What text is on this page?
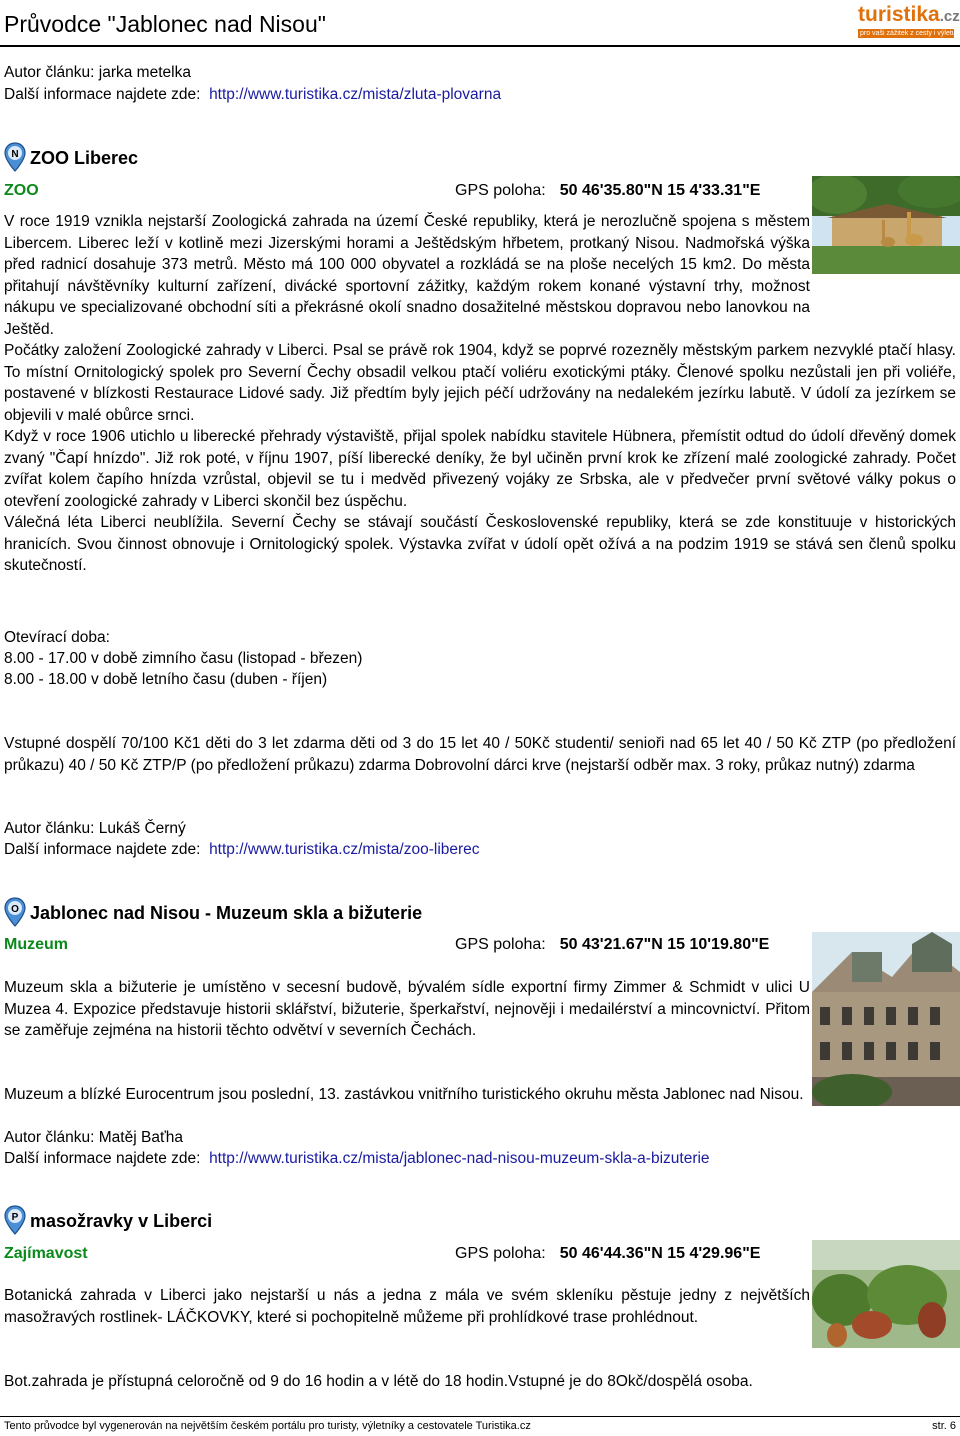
Průvodce "Jablonec nad Nisou"	turistika.cz
pro vaši zážitek z cesty i výletu
Autor článku: jarka metelka
Další informace najdete zde: http://www.turistika.cz/mista/zluta-plovarna
N ZOO Liberec
ZOO	GPS poloha: 50 46'35.80"N 15 4'33.31"E

V roce 1919 vznikla nejstarší Zoologická zahrada na území České republiky, která je nerozlučně spojena s městem Libercem. Liberec leží v kotlině mezi Jizerskými horami a Ještědským hřbetem, protkaný Nisou. Nadmořská výška před radnicí dosahuje 373 metrů. Město má 100 000 obyvatel a rozkládá se na ploše necelých 15 km2. Do města přitahují návštěvníky kulturní zařízení, divácké sportovní zážitky, každým rokem konané výstavní trhy, možnost nákupu ve specializované obchodní síti a překrásné okolí snadno dosažitelné městskou dopravou nebo lanovkou na Ještěd.

Počátky založení Zoologické zahrady v Liberci. Psal se právě rok 1904, když se poprvé rozezněly městským parkem nezvyklé ptačí hlasy. To místní Ornitologický spolek pro Severní Čechy obsadil velkou ptačí voliéru exotickými ptáky. Členové spolku nezůstali jen při voliéře, postavené v blízkosti Restaurace Lidové sady. Již předtím byly jejich péčí udržovány na nedalekém jezírku labutě. V údolí za jezírkem se objevili v malé obůrce srnci.

Když v roce 1906 utichlo u liberecké přehrady výstaviště, přijal spolek nabídku stavitele Hübnera, přemístit odtud do údolí dřevěný domek zvaný "Čapí hnízdo". Již rok poté, v říjnu 1907, píší liberecké deníky, že byl učiněn první krok ke zřízení malé zoologické zahrady. Počet zvířat kolem čapího hnízda vzrůstal, objevil se tu i medvěd přivezený vojáky ze Srbska, ale v předvečer první světové války pokus o otevření zoologické zahrady v Liberci skončil bez úspěchu.

Válečná léta Liberci neublížila. Severní Čechy se stávají součástí Československé republiky, která se zde konstituuje v historických hranicích. Svou činnost obnovuje i Ornitologický spolek. Výstavka zvířat v údolí opět ožívá a na podzim 1919 se stává sen členů spolku skutečností.

Otevírací doba:
8.00 - 17.00 v době zimního času (listopad - březen)
8.00 - 18.00 v době letního času (duben - říjen)
Vstupné dospělí 70/100 Kč1 děti do 3 let zdarma děti od 3 do 15 let 40 / 50Kč studenti/ senioři nad 65 let 40 / 50 Kč ZTP (po předložení průkazu) 40 / 50 Kč ZTP/P (po předložení průkazu) zdarma Dobrovolní dárci krve (nejstarší odběr max. 3 roky, průkaz nutný) zdarma
Autor článku: Lukáš Černý
Další informace najdete zde: http://www.turistika.cz/mista/zoo-liberec
O Jablonec nad Nisou - Muzeum skla a bižuterie
Muzeum	GPS poloha: 50 43'21.67"N 15 10'19.80"E

Muzeum skla a bižuterie je umístěno v secesní budově, bývalém sídle exportní firmy Zimmer & Schmidt v ulici U Muzea 4. Expozice představuje historii sklářství, bižuterie, šperkařství, nejnověji i medailérství a mincovnictví. Přitom se zaměřuje zejména na historii těchto odvětví v severních Čechách.

Muzeum a blízké Eurocentrum jsou poslední, 13. zastávkou vnitřního turistického okruhu města Jablonec nad Nisou.
Autor článku: Matěj Baťha
Další informace najdete zde: http://www.turistika.cz/mista/jablonec-nad-nisou-muzeum-skla-a-bizuterie
P masožravky v Liberci
Zajímavost	GPS poloha: 50 46'44.36"N 15 4'29.96"E

Botanická zahrada v Liberci jako nejstarší u nás a jedna z mála ve svém skleníku pěstuje jedny z největších masožravých rostlinek- LÁČKOVKY, které si pochopitelně můžeme při prohlídkové trase prohlédnout.

Bot.zahrada je přístupná celoročně od 9 do 16 hodin a v létě do 18 hodin.Vstupné je do 8Okč/dospělá osoba.
Tento průvodce byl vygenerován na největším českém portálu pro turisty, výletníky a cestovatele Turistika.cz	str. 6
